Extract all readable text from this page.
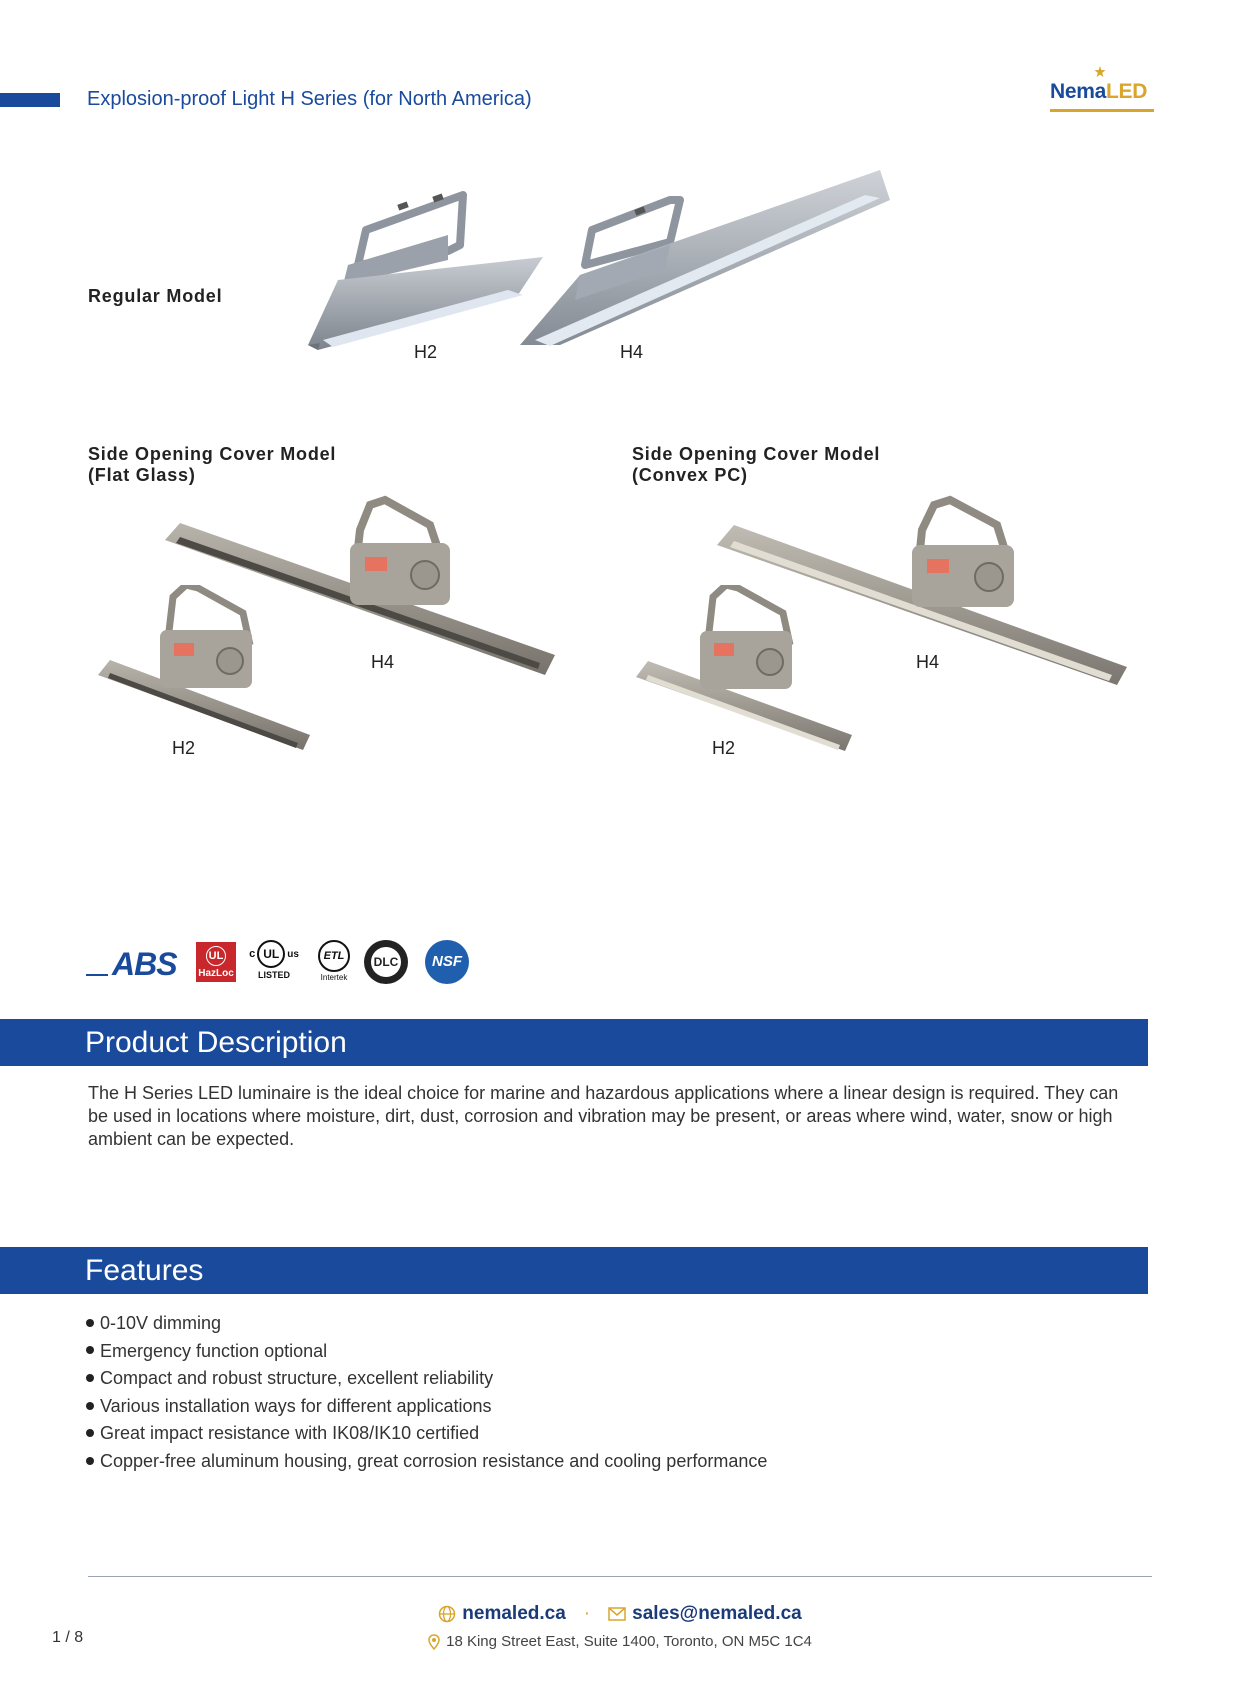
Explosion-proof Light H Series (for North America)	NemaLED
Regular Model
H2	H4
Side Opening Cover Model
(Flat Glass)
H4
H2
Side Opening Cover Model
(Convex PC)
H4
H2
ABS	UL
HazLoc
c UL us
LISTED
ETL
Intertek
DLC	NSF
Product Description
The H Series LED luminaire is the ideal choice for marine and hazardous applications where a linear design is required. They can be used in locations where moisture, dirt, dust, corrosion and vibration may be present, or areas where wind, water, snow or high ambient can be expected.
Features
0-10V dimming
Emergency function optional
Compact and robust structure, excellent reliability
Various installation ways for different applications
Great impact resistance with IK08/IK10 certified
Copper-free aluminum housing, great corrosion resistance and cooling performance
nemaled.ca · sales@nemaled.ca
18 King Street East, Suite 1400, Toronto, ON M5C 1C4
1 / 8
